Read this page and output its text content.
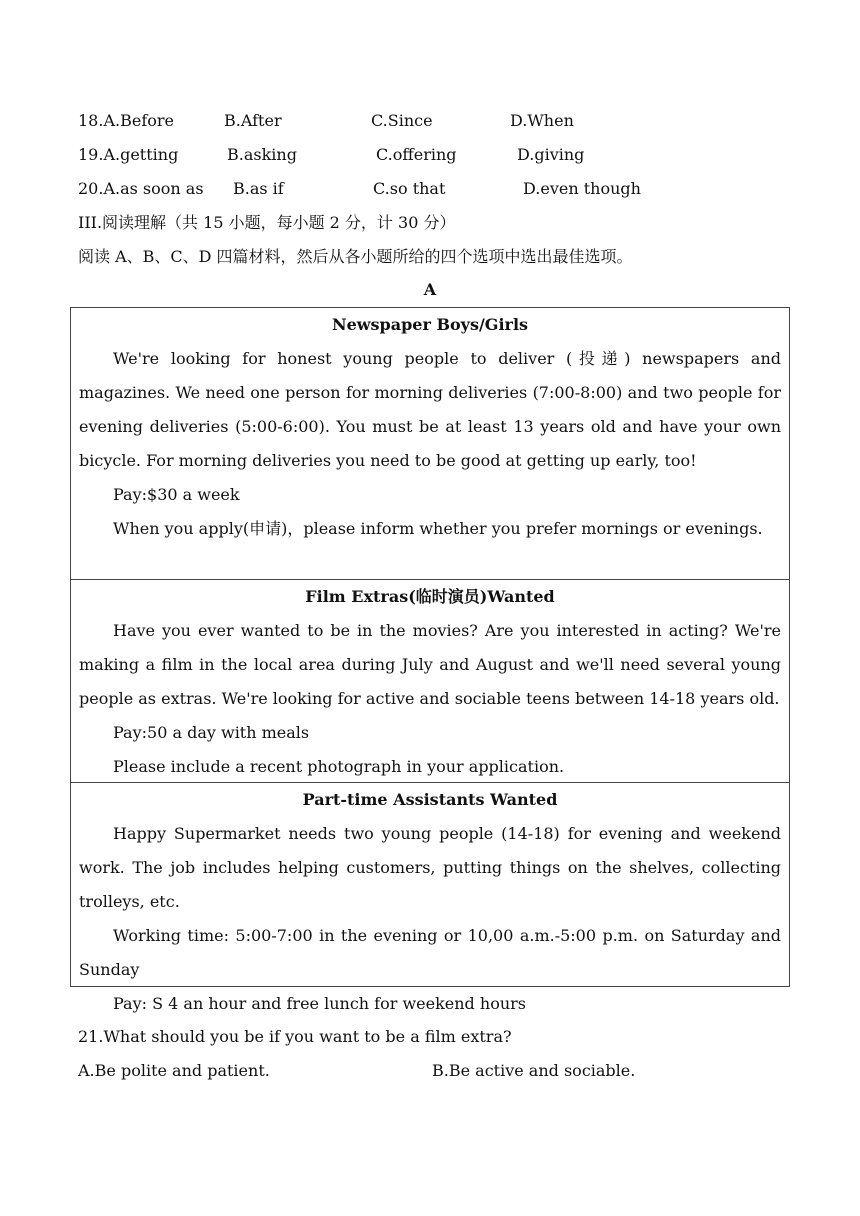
18.A.Before	B.After	C.Since	D.When
19.A.getting	B.asking	C.offering	D.giving
20.A.as soon as B.as if	C.so that	D.even though
III.阅读理解（共 15 小题，每小题 2 分，计 30 分）
阅读 A、B、C、D 四篇材料，然后从各小题所给的四个选项中选出最佳选项。
A
Newspaper Boys/Girls

We're looking for honest young people to deliver (投递) newspapers and magazines. We need one person for morning deliveries (7:00-8:00) and two people for evening deliveries (5:00-6:00). You must be at least 13 years old and have your own bicycle. For morning deliveries you need to be good at getting up early, too!

Pay:$30 a week

When you apply(申请)，please inform whether you prefer mornings or evenings.

Film Extras(临时演员)Wanted

Have you ever wanted to be in the movies? Are you interested in acting? We're making a film in the local area during July and August and we'll need several young people as extras. We're looking for active and sociable teens between 14-18 years old.

Pay:50 a day with meals

Please include a recent photograph in your application.

Part-time Assistants Wanted

Happy Supermarket needs two young people (14-18) for evening and weekend work. The job includes helping customers, putting things on the shelves, collecting trolleys, etc.

Working time: 5:00-7:00 in the evening or 10,00 a.m.-5:00 p.m. on Saturday and Sunday

Pay: S 4 an hour and free lunch for weekend hours

21.What should you be if you want to be a film extra?
A.Be polite and patient.	B.Be active and sociable.
